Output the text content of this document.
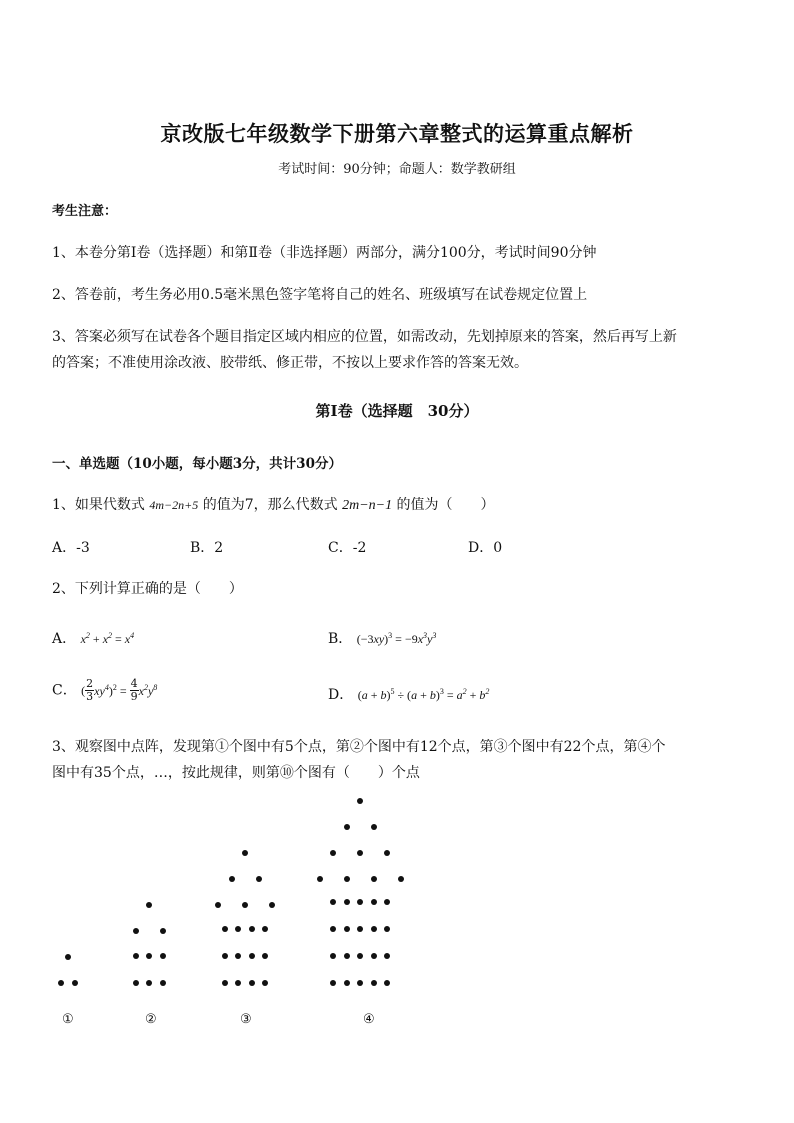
京改版七年级数学下册第六章整式的运算重点解析
考试时间：90分钟；命题人：数学教研组
考生注意：
1、本卷分第Ⅰ卷（选择题）和第Ⅱ卷（非选择题）两部分，满分100分，考试时间90分钟
2、答卷前，考生务必用0.5毫米黑色签字笔将自己的姓名、班级填写在试卷规定位置上
3、答案必须写在试卷各个题目指定区域内相应的位置，如需改动，先划掉原来的答案，然后再写上新
的答案；不准使用涂改液、胶带纸、修正带，不按以上要求作答的答案无效。
第Ⅰ卷（选择题　30分）
一、单选题（10小题，每小题3分，共计30分）
1、如果代数式 4m−2n+5 的值为7，那么代数式 2m−n−1 的值为（　　）
A．-3	B．2	C．-2	D．0
2、下列计算正确的是（　　）
A． $x^2 + x^2 = x^4$	B． $(-3xy)^3 = -9x^3y^3$
C． ( $\frac{2}{3} xy^4)^2 = \frac{4}{9} x^2y^8$	D． $(a + b)^5 \div (a + b)^3 = a^2 + b^2$
3、观察图中点阵，发现第①个图中有5个点，第②个图中有12个点，第③个图中有22个点，第④个
图中有35个点，…，按此规律，则第⑩个图有（　　）个点
①	②	③	④
